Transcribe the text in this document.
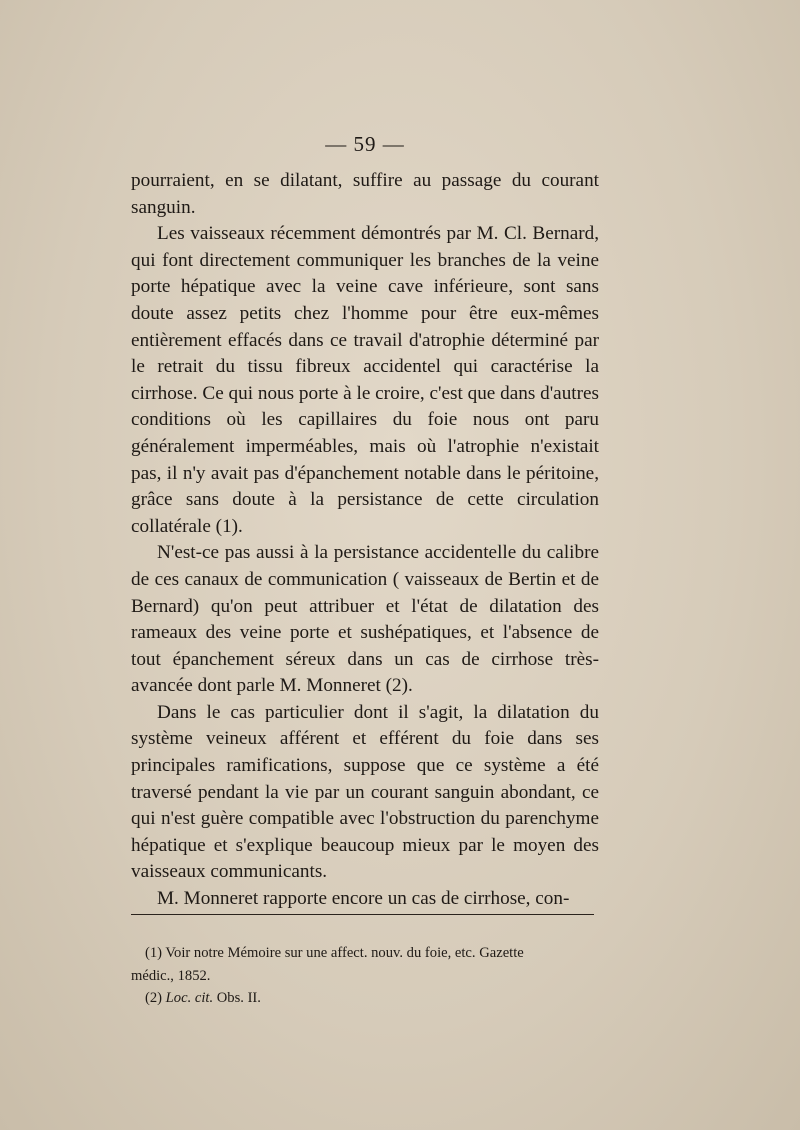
— 59 —

pourraient, en se dilatant, suffire au passage du courant sanguin.

Les vaisseaux récemment démontrés par M. Cl. Bernard, qui font directement communiquer les branches de la veine porte hépatique avec la veine cave inférieure, sont sans doute assez petits chez l'homme pour être eux-mêmes entièrement effacés dans ce travail d'atrophie déterminé par le retrait du tissu fibreux accidentel qui caractérise la cirrhose. Ce qui nous porte à le croire, c'est que dans d'autres conditions où les capillaires du foie nous ont paru généralement imperméables, mais où l'atrophie n'existait pas, il n'y avait pas d'épanchement notable dans le péritoine, grâce sans doute à la persistance de cette circulation collatérale (1).

N'est-ce pas aussi à la persistance accidentelle du calibre de ces canaux de communication ( vaisseaux de Bertin et de Bernard) qu'on peut attribuer et l'état de dilatation des rameaux des veine porte et sushépatiques, et l'absence de tout épanchement séreux dans un cas de cirrhose très-avancée dont parle M. Monneret (2).

Dans le cas particulier dont il s'agit, la dilatation du système veineux afférent et efférent du foie dans ses principales ramifications, suppose que ce système a été traversé pendant la vie par un courant sanguin abondant, ce qui n'est guère compatible avec l'obstruction du parenchyme hépatique et s'explique beaucoup mieux par le moyen des vaisseaux communicants.

M. Monneret rapporte encore un cas de cirrhose, con-

(1) Voir notre Mémoire sur une affect. nouv. du foie, etc. Gazette
médic., 1852.

(2) Loc. cit. Obs. II.
